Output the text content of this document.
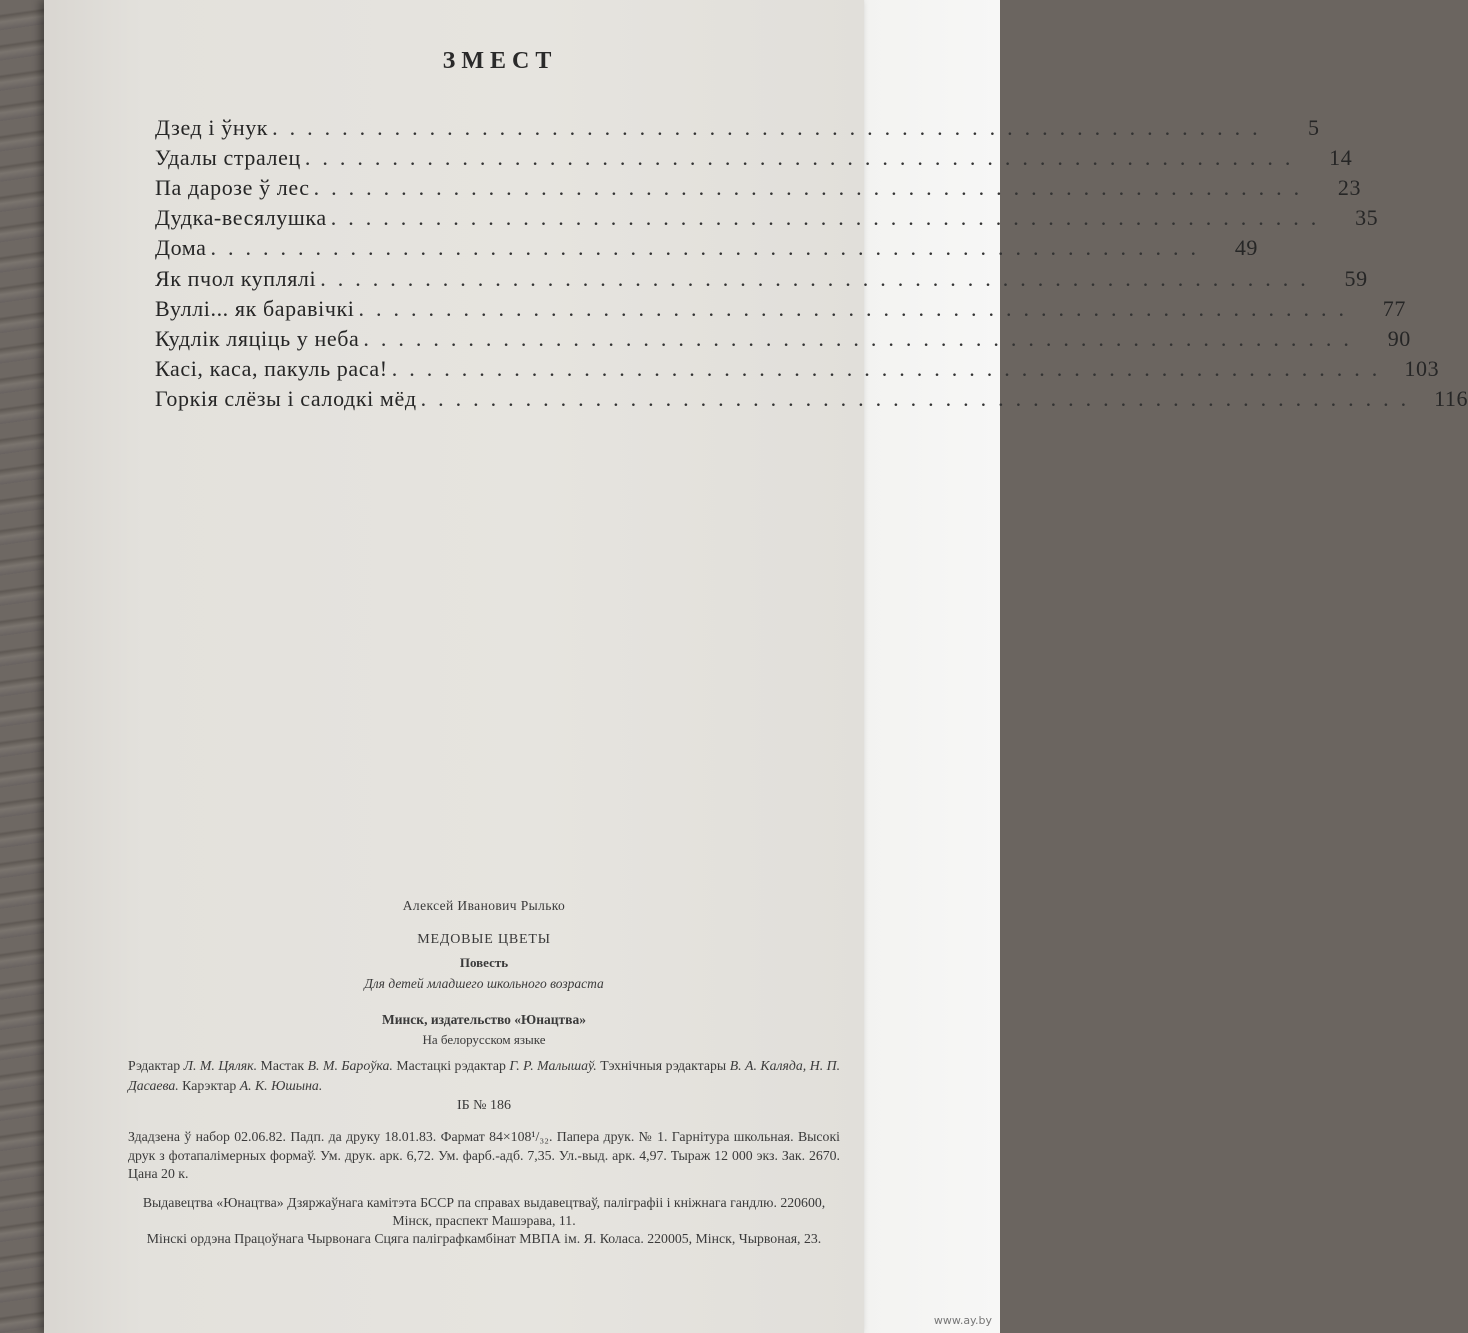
ЗМЕСТ
Дзед і ўнук .........................................................	5
Удалы стралец .........................................................	14
Па дарозе ў лес .........................................................	23
Дудка-весялушка .........................................................	35
Дома .........................................................	49
Як пчол куплялі .........................................................	59
Вуллі... як баравічкі .........................................................	77
Кудлік ляціць у неба .........................................................	90
Касі, каса, пакуль раса! ......................................................... 103
Горкія слёзы і салодкі мёд ......................................................... 116
Алексей Иванович Рылько
МЕДОВЫЕ ЦВЕТЫ
Повесть
Для детей младшего школьного возраста
Минск, издательство «Юнацтва»
На белорусском языке
Рэдактар Л. М. Цяляк. Мастак В. М. Бароўка. Мастацкі рэдактар Г. Р. Малышаў. Тэхнічныя рэдактары В. А. Каляда, Н. П. Дасаева. Карэктар А. К. Юшына.
ІБ № 186
Здадзена ў набор 02.06.82. Падп. да друку 18.01.83. Фармат 84×108¹/₃₂. Папера друк. № 1. Гарнітура школьная. Высокі друк з фотапалімерных формаў. Ум. друк. арк. 6,72. Ум. фарб.-адб. 7,35. Ул.-выд. арк. 4,97. Тыраж 12 000 экз. Зак. 2670. Цана 20 к.
Выдавецтва «Юнацтва» Дзяржаўнага камітэта БССР па справах выдавецтваў, паліграфіі і кніжнага гандлю. 220600, Мінск, праспект Машэрава, 11.
Мінскі ордэна Працоўнага Чырвонага Сцяга паліграфкамбінат МВПА ім. Я. Коласа. 220005, Мінск, Чырвоная, 23.
www.ay.by
